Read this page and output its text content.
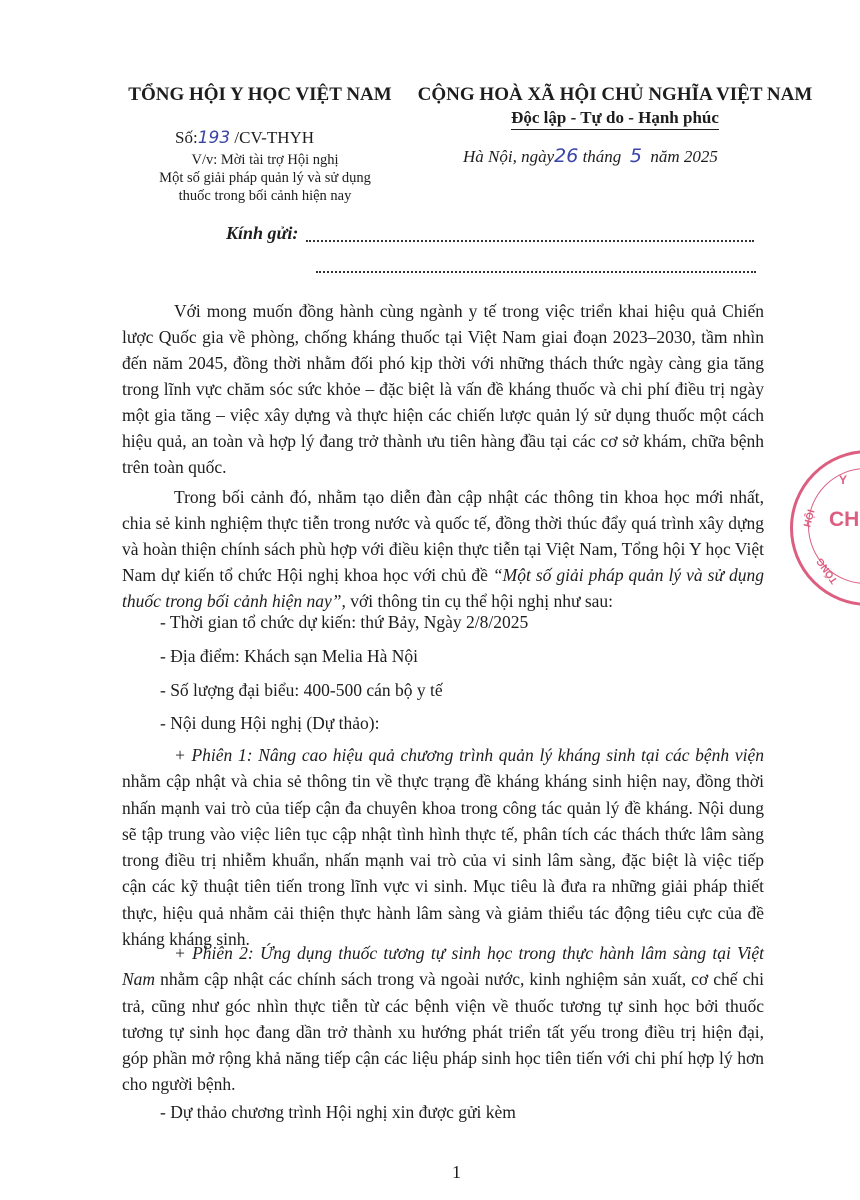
TỔNG HỘI Y HỌC VIỆT NAM
Số:193 /CV-THYH
V/v: Mời tài trợ Hội nghị
Một số giải pháp quản lý và sử dụng
thuốc trong bối cảnh hiện nay
CỘNG HOÀ XÃ HỘI CHỦ NGHĨA VIỆT NAM
Độc lập - Tự do - Hạnh phúc
Hà Nội, ngày26 tháng 5 năm 2025
Kính gửi:
Với mong muốn đồng hành cùng ngành y tế trong việc triển khai hiệu quả Chiến lược Quốc gia về phòng, chống kháng thuốc tại Việt Nam giai đoạn 2023–2030, tầm nhìn đến năm 2045, đồng thời nhằm đối phó kịp thời với những thách thức ngày càng gia tăng trong lĩnh vực chăm sóc sức khỏe – đặc biệt là vấn đề kháng thuốc và chi phí điều trị ngày một gia tăng – việc xây dựng và thực hiện các chiến lược quản lý sử dụng thuốc một cách hiệu quả, an toàn và hợp lý đang trở thành ưu tiên hàng đầu tại các cơ sở khám, chữa bệnh trên toàn quốc.
Trong bối cảnh đó, nhằm tạo diễn đàn cập nhật các thông tin khoa học mới nhất, chia sẻ kinh nghiệm thực tiễn trong nước và quốc tế, đồng thời thúc đẩy quá trình xây dựng và hoàn thiện chính sách phù hợp với điều kiện thực tiễn tại Việt Nam, Tổng hội Y học Việt Nam dự kiến tổ chức Hội nghị khoa học với chủ đề “Một số giải pháp quản lý và sử dụng thuốc trong bối cảnh hiện nay”, với thông tin cụ thể hội nghị như sau:
- Thời gian tổ chức dự kiến: thứ Bảy, Ngày 2/8/2025
- Địa điểm: Khách sạn Melia Hà Nội
- Số lượng đại biểu: 400-500 cán bộ y tế
- Nội dung Hội nghị (Dự thảo):
+ Phiên 1: Nâng cao hiệu quả chương trình quản lý kháng sinh tại các bệnh viện nhằm cập nhật và chia sẻ thông tin về thực trạng đề kháng kháng sinh hiện nay, đồng thời nhấn mạnh vai trò của tiếp cận đa chuyên khoa trong công tác quản lý đề kháng. Nội dung sẽ tập trung vào việc liên tục cập nhật tình hình thực tế, phân tích các thách thức lâm sàng trong điều trị nhiễm khuẩn, nhấn mạnh vai trò của vi sinh lâm sàng, đặc biệt là việc tiếp cận các kỹ thuật tiên tiến trong lĩnh vực vi sinh. Mục tiêu là đưa ra những giải pháp thiết thực, hiệu quả nhằm cải thiện thực hành lâm sàng và giảm thiểu tác động tiêu cực của đề kháng kháng sinh.
+ Phiên 2: Ứng dụng thuốc tương tự sinh học trong thực hành lâm sàng tại Việt Nam nhằm cập nhật các chính sách trong và ngoài nước, kinh nghiệm sản xuất, cơ chế chi trả, cũng như góc nhìn thực tiễn từ các bệnh viện về thuốc tương tự sinh học bởi thuốc tương tự sinh học đang dần trở thành xu hướng phát triển tất yếu trong điều trị hiện đại, góp phần mở rộng khả năng tiếp cận các liệu pháp sinh học tiên tiến với chi phí hợp lý hơn cho người bệnh.
- Dự thảo chương trình Hội nghị xin được gửi kèm
1
Y
HỘI CH
TỔNG
